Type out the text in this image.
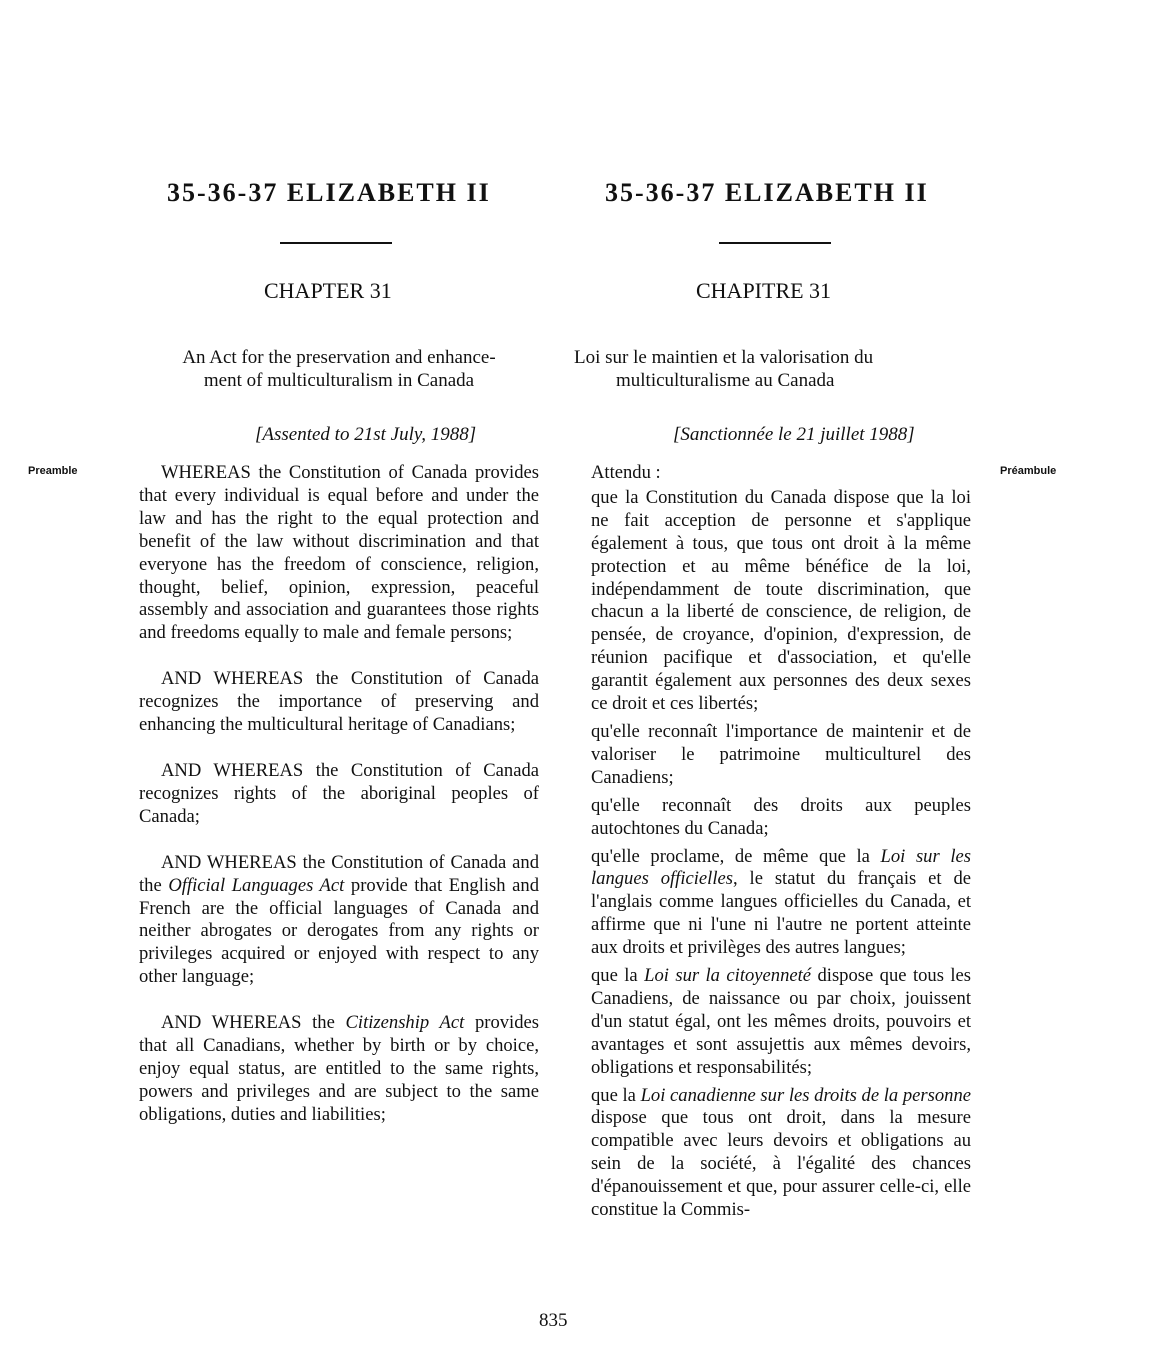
35-36-37 ELIZABETH II	35-36-37 ELIZABETH II
CHAPTER 31	CHAPITRE 31
An Act for the preservation and enhance-
ment of multiculturalism in Canada
Loi sur le maintien et la valorisation du
multiculturalisme au Canada
[Assented to 21st July, 1988]	[Sanctionnée le 21 juillet 1988]
Preamble	Préambule

WHEREAS the Constitution of Canada provides that every individual is equal before and under the law and has the right to the equal protection and benefit of the law without discrimination and that everyone has the freedom of conscience, religion, thought, belief, opinion, expression, peaceful assembly and association and guarantees those rights and freedoms equally to male and female persons;

AND WHEREAS the Constitution of Canada recognizes the importance of preserving and enhancing the multicultural heritage of Canadians;

AND WHEREAS the Constitution of Canada recognizes rights of the aboriginal peoples of Canada;

AND WHEREAS the Constitution of Canada and the Official Languages Act provide that English and French are the official languages of Canada and neither abrogates or derogates from any rights or privileges acquired or enjoyed with respect to any other language;

AND WHEREAS the Citizenship Act provides that all Canadians, whether by birth or by choice, enjoy equal status, are entitled to the same rights, powers and privileges and are subject to the same obligations, duties and liabilities;

Attendu :

que la Constitution du Canada dispose que la loi ne fait acception de personne et s'applique également à tous, que tous ont droit à la même protection et au même bénéfice de la loi, indépendamment de toute discrimination, que chacun a la liberté de conscience, de religion, de pensée, de croyance, d'opinion, d'expression, de réunion pacifique et d'association, et qu'elle garantit également aux personnes des deux sexes ce droit et ces libertés;

qu'elle reconnaît l'importance de maintenir et de valoriser le patrimoine multiculturel des Canadiens;

qu'elle reconnaît des droits aux peuples autochtones du Canada;

qu'elle proclame, de même que la Loi sur les langues officielles, le statut du français et de l'anglais comme langues officielles du Canada, et affirme que ni l'une ni l'autre ne portent atteinte aux droits et privilèges des autres langues;

que la Loi sur la citoyenneté dispose que tous les Canadiens, de naissance ou par choix, jouissent d'un statut égal, ont les mêmes droits, pouvoirs et avantages et sont assujettis aux mêmes devoirs, obligations et responsabilités;

que la Loi canadienne sur les droits de la personne dispose que tous ont droit, dans la mesure compatible avec leurs devoirs et obligations au sein de la société, à l'égalité des chances d'épanouissement et que, pour assurer celle-ci, elle constitue la Commis-

835
